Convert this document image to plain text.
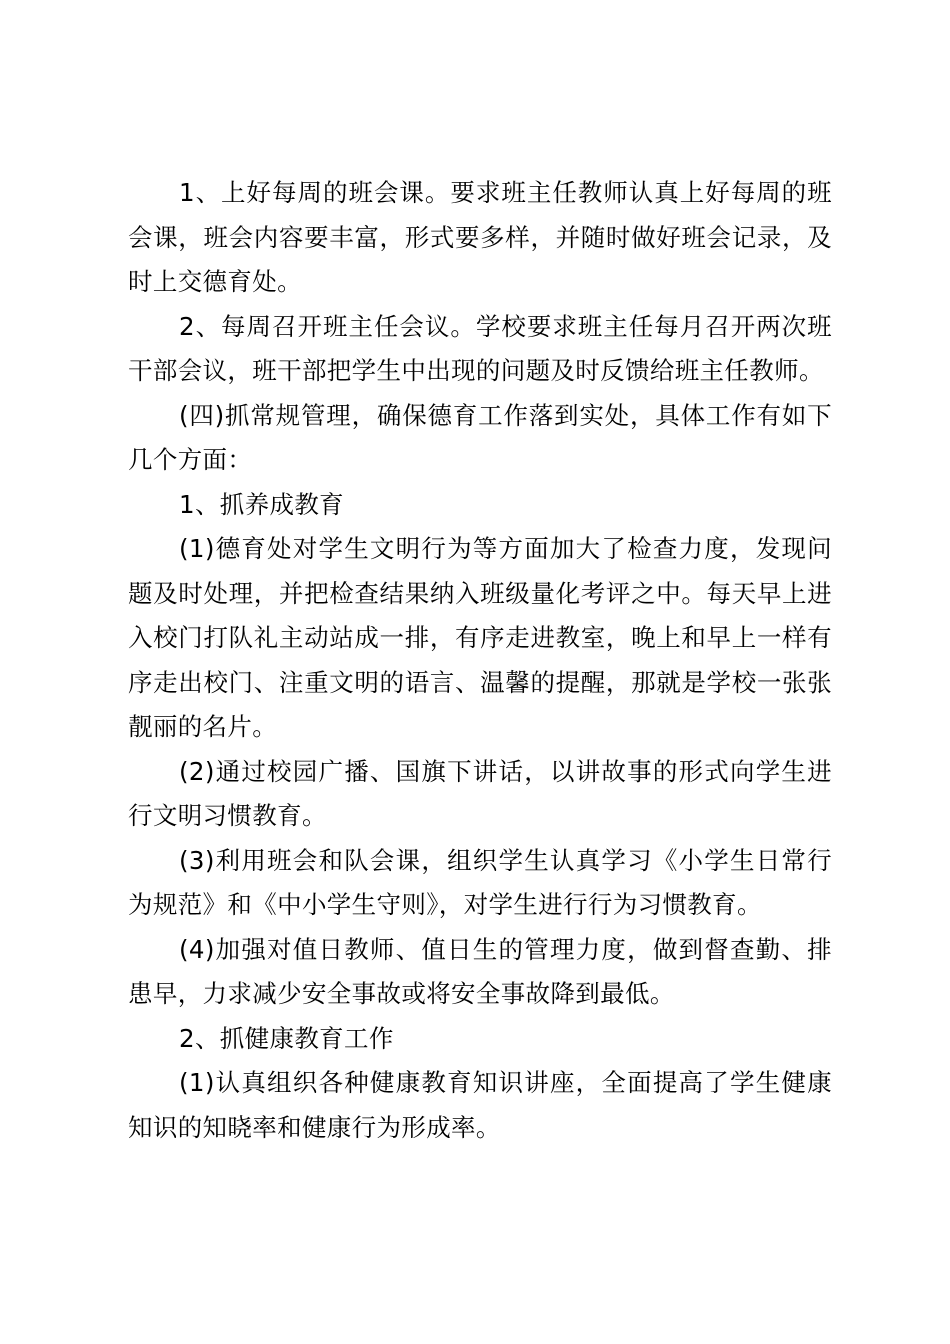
1、上好每周的班会课。要求班主任教师认真上好每周的班会课，班会内容要丰富，形式要多样，并随时做好班会记录，及时上交德育处。

2、每周召开班主任会议。学校要求班主任每月召开两次班干部会议，班干部把学生中出现的问题及时反馈给班主任教师。

(四)抓常规管理，确保德育工作落到实处，具体工作有如下几个方面：

1、抓养成教育

(1)德育处对学生文明行为等方面加大了检查力度，发现问题及时处理，并把检查结果纳入班级量化考评之中。每天早上进入校门打队礼主动站成一排，有序走进教室，晚上和早上一样有序走出校门、注重文明的语言、温馨的提醒，那就是学校一张张靓丽的名片。

(2)通过校园广播、国旗下讲话，以讲故事的形式向学生进行文明习惯教育。

(3)利用班会和队会课，组织学生认真学习《小学生日常行为规范》和《中小学生守则》，对学生进行行为习惯教育。

(4)加强对值日教师、值日生的管理力度，做到督查勤、排患早，力求减少安全事故或将安全事故降到最低。

2、抓健康教育工作

(1)认真组织各种健康教育知识讲座，全面提高了学生健康知识的知晓率和健康行为形成率。
